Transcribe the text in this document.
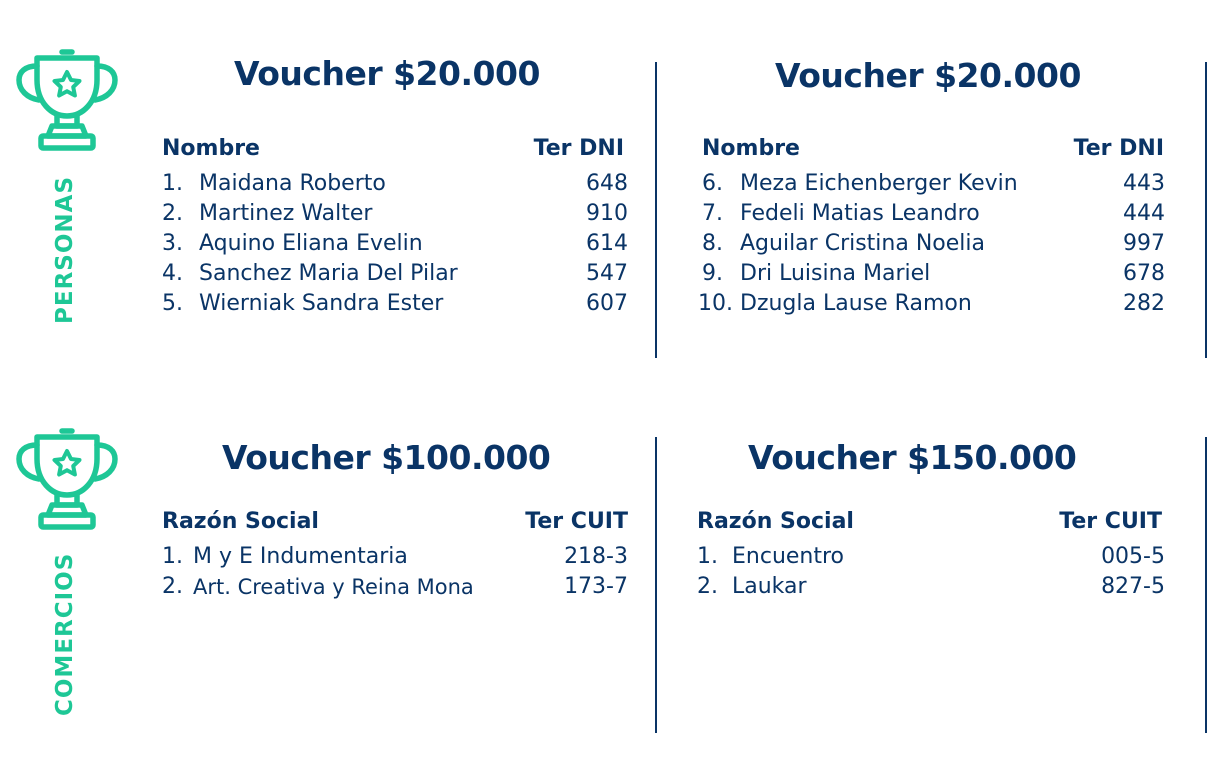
PERSONAS
COMERCIOS
Voucher $20.000
Nombre	Ter DNI
1. Maidana Roberto	648
2. Martinez Walter	910
3. Aquino Eliana Evelin	614
4. Sanchez Maria Del Pilar	547
5. Wierniak Sandra Ester	607
Voucher $20.000
Nombre	Ter DNI
6. Meza Eichenberger Kevin	443
7. Fedeli Matias Leandro	444
8. Aguilar Cristina Noelia	997
9. Dri Luisina Mariel	678
10. Dzugla Lause Ramon	282
Voucher $100.000
Razón Social	Ter CUIT
1. M y E Indumentaria	218-3
2. Art. Creativa y Reina Mona	173-7
Voucher $150.000
Razón Social	Ter CUIT
1. Encuentro	005-5
2. Laukar	827-5
